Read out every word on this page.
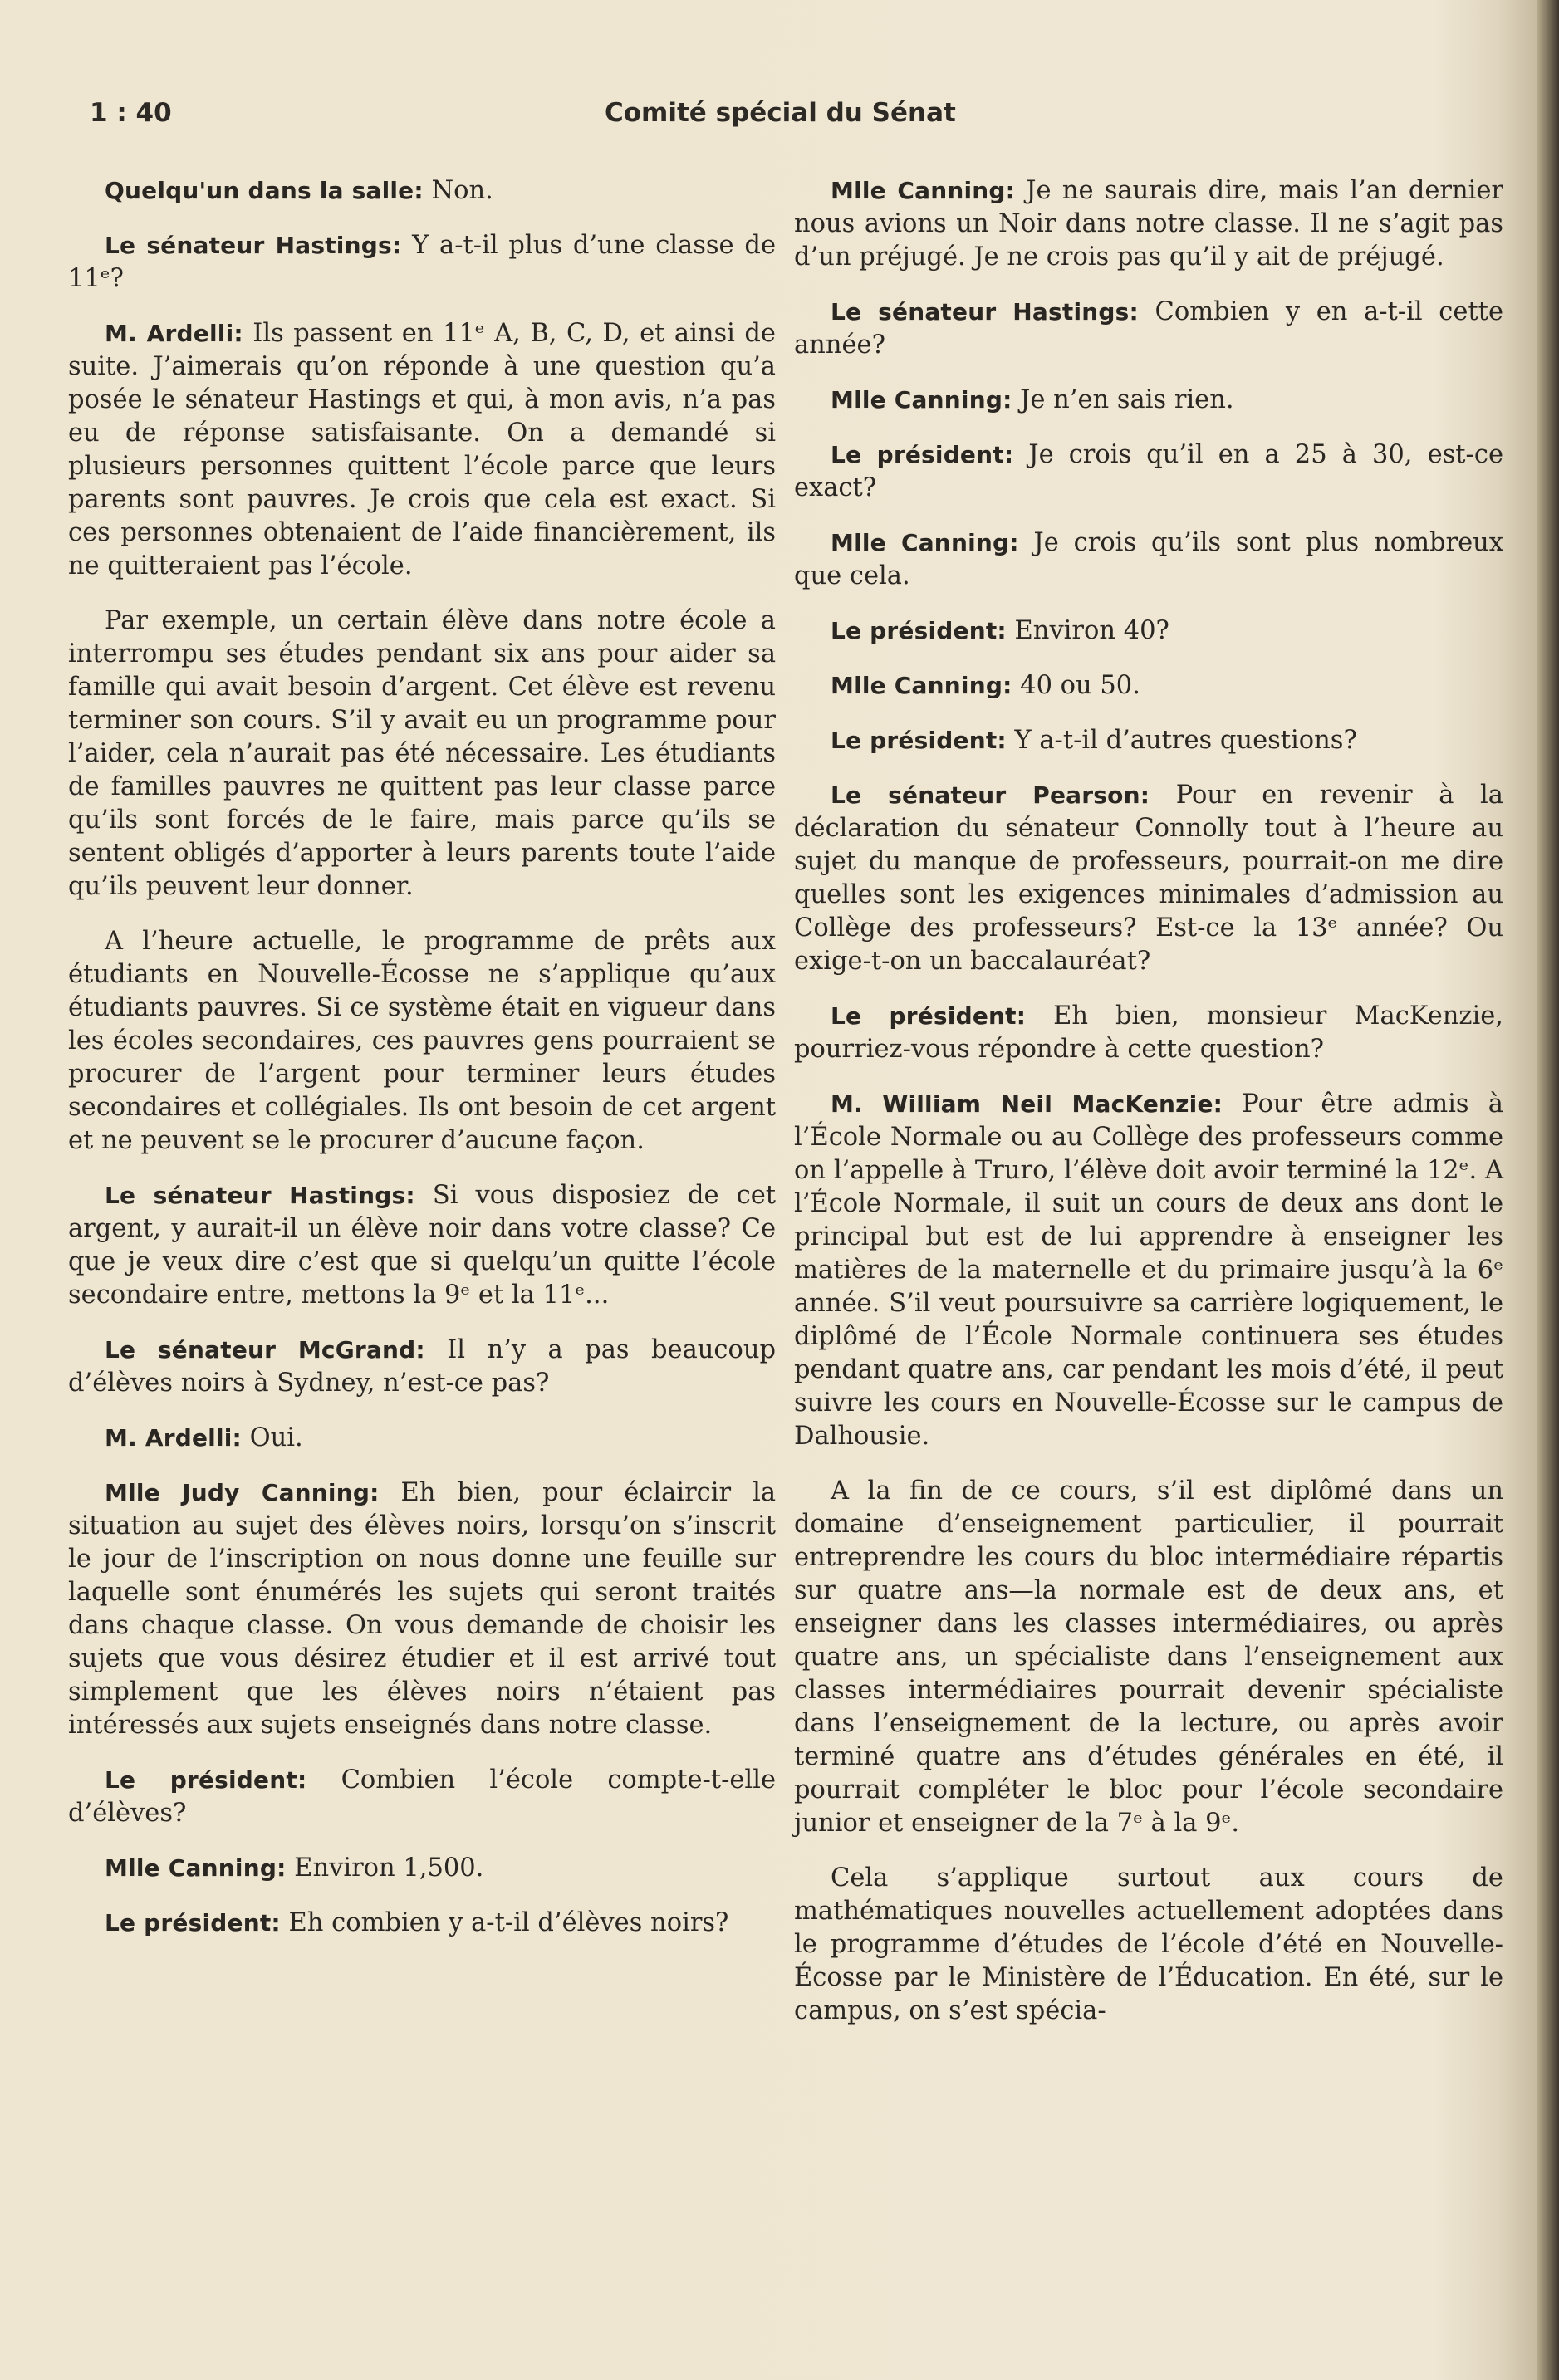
1 : 40	Comité spécial du Sénat

Quelqu'un dans la salle: Non.

Le sénateur Hastings: Y a-t-il plus d’une classe de 11ᵉ?

M. Ardelli: Ils passent en 11ᵉ A, B, C, D, et ainsi de suite. J’aimerais qu’on réponde à une question qu’a posée le sénateur Hastings et qui, à mon avis, n’a pas eu de réponse satisfaisante. On a demandé si plusieurs personnes quittent l’école parce que leurs parents sont pauvres. Je crois que cela est exact. Si ces personnes obtenaient de l’aide financièrement, ils ne quitteraient pas l’école.

Par exemple, un certain élève dans notre école a interrompu ses études pendant six ans pour aider sa famille qui avait besoin d’argent. Cet élève est revenu terminer son cours. S’il y avait eu un programme pour l’aider, cela n’aurait pas été nécessaire. Les étudiants de familles pauvres ne quittent pas leur classe parce qu’ils sont forcés de le faire, mais parce qu’ils se sentent obligés d’apporter à leurs parents toute l’aide qu’ils peuvent leur donner.

A l’heure actuelle, le programme de prêts aux étudiants en Nouvelle-Écosse ne s’applique qu’aux étudiants pauvres. Si ce système était en vigueur dans les écoles secondaires, ces pauvres gens pourraient se procurer de l’argent pour terminer leurs études secondaires et collégiales. Ils ont besoin de cet argent et ne peuvent se le procurer d’aucune façon.

Le sénateur Hastings: Si vous disposiez de cet argent, y aurait-il un élève noir dans votre classe? Ce que je veux dire c’est que si quelqu’un quitte l’école secondaire entre, mettons la 9ᵉ et la 11ᵉ...

Le sénateur McGrand: Il n’y a pas beaucoup d’élèves noirs à Sydney, n’est-ce pas?

M. Ardelli: Oui.

Mlle Judy Canning: Eh bien, pour éclaircir la situation au sujet des élèves noirs, lorsqu’on s’inscrit le jour de l’inscription on nous donne une feuille sur laquelle sont énumérés les sujets qui seront traités dans chaque classe. On vous demande de choisir les sujets que vous désirez étudier et il est arrivé tout simplement que les élèves noirs n’étaient pas intéressés aux sujets enseignés dans notre classe.

Le président: Combien l’école compte-t-elle d’élèves?

Mlle Canning: Environ 1,500.

Le président: Eh combien y a-t-il d’élèves noirs?

Mlle Canning: Je ne saurais dire, mais l’an dernier nous avions un Noir dans notre classe. Il ne s’agit pas d’un préjugé. Je ne crois pas qu’il y ait de préjugé.

Le sénateur Hastings: Combien y en a-t-il cette année?

Mlle Canning: Je n’en sais rien.

Le président: Je crois qu’il en a 25 à 30, est-ce exact?

Mlle Canning: Je crois qu’ils sont plus nombreux que cela.

Le président: Environ 40?

Mlle Canning: 40 ou 50.

Le président: Y a-t-il d’autres questions?

Le sénateur Pearson: Pour en revenir à la déclaration du sénateur Connolly tout à l’heure au sujet du manque de professeurs, pourrait-on me dire quelles sont les exigences minimales d’admission au Collège des professeurs? Est-ce la 13ᵉ année? Ou exige-t-on un baccalauréat?

Le président: Eh bien, monsieur MacKenzie, pourriez-vous répondre à cette question?

M. William Neil MacKenzie: Pour être admis à l’École Normale ou au Collège des professeurs comme on l’appelle à Truro, l’élève doit avoir terminé la 12ᵉ. A l’École Normale, il suit un cours de deux ans dont le principal but est de lui apprendre à enseigner les matières de la maternelle et du primaire jusqu’à la 6ᵉ année. S’il veut poursuivre sa carrière logiquement, le diplômé de l’École Normale continuera ses études pendant quatre ans, car pendant les mois d’été, il peut suivre les cours en Nouvelle-Écosse sur le campus de Dalhousie.

A la fin de ce cours, s’il est diplômé dans un domaine d’enseignement particulier, il pourrait entreprendre les cours du bloc intermédiaire répartis sur quatre ans—la normale est de deux ans, et enseigner dans les classes intermédiaires, ou après quatre ans, un spécialiste dans l’enseignement aux classes intermédiaires pourrait devenir spécialiste dans l’enseignement de la lecture, ou après avoir terminé quatre ans d’études générales en été, il pourrait compléter le bloc pour l’école secondaire junior et enseigner de la 7ᵉ à la 9ᵉ.

Cela s’applique surtout aux cours de mathématiques nouvelles actuellement adoptées dans le programme d’études de l’école d’été en Nouvelle-Écosse par le Ministère de l’Éducation. En été, sur le campus, on s’est spécia-
